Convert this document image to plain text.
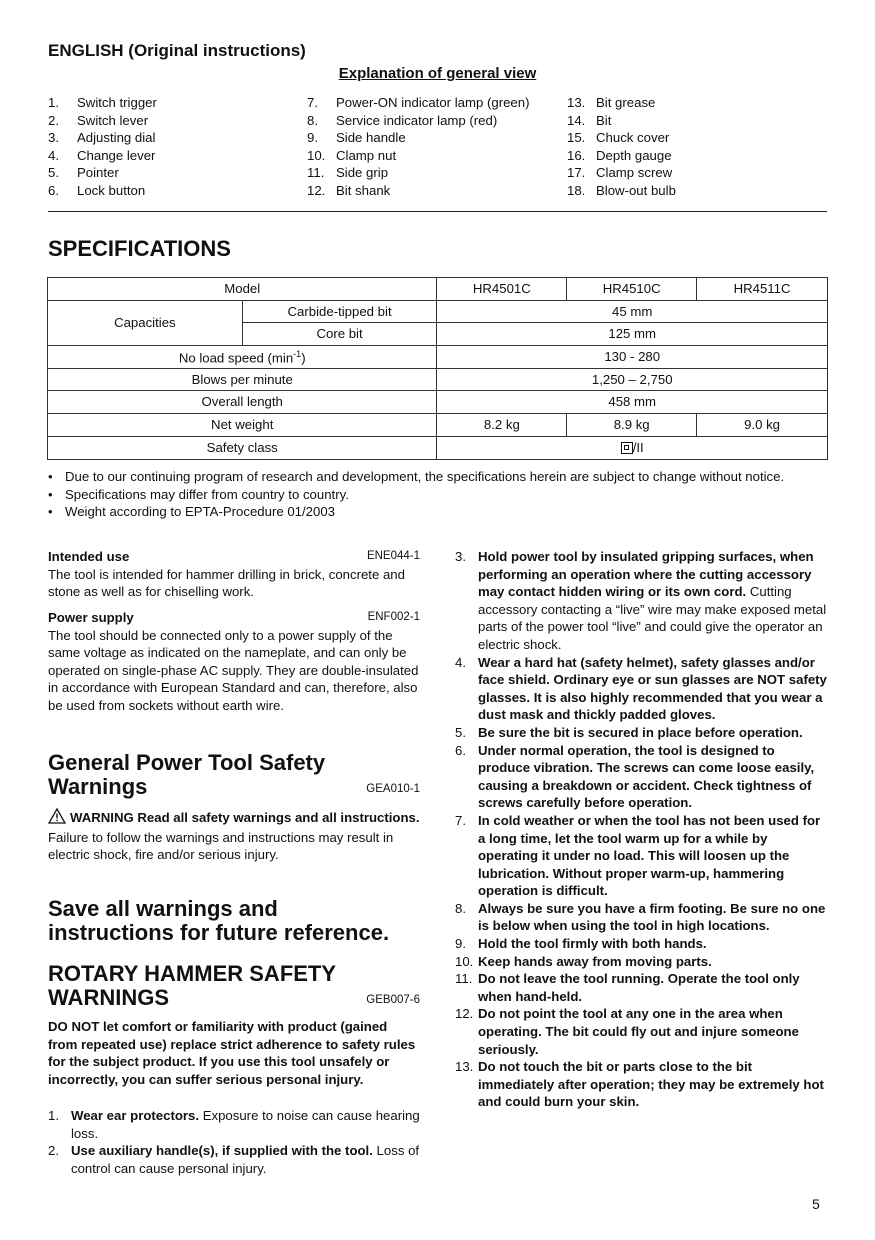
ENGLISH (Original instructions)
Explanation of general view
1.	Switch trigger
2.	Switch lever
3.	Adjusting dial
4.	Change lever
5.	Pointer
6.	Lock button
7.	Power-ON indicator lamp (green)
8.	Service indicator lamp (red)
9.	Side handle
10. Clamp nut
11. Side grip
12. Bit shank
13. Bit grease
14. Bit
15. Chuck cover
16. Depth gauge
17. Clamp screw
18. Blow-out bulb
SPECIFICATIONS
Model		HR4501C	HR4510C	HR4511C
Capacities	Carbide-tipped bit	45 mm		
	Core bit	125 mm		
No load speed $(\min^{-1})$		130 - 280		
Blows per minute		1,250 – 2,750		
Overall length		458 mm		
Net weight		8.2 kg	8.9 kg	9.0 kg
Safety class		/II		
• Due to our continuing program of research and development, the specifications herein are subject to change without notice.
• Specifications may differ from country to country.
• Weight according to EPTA-Procedure 01/2003
Intended use	ENE044-1
The tool is intended for hammer drilling in brick, concrete and stone as well as for chiselling work.
Power supply	ENF002-1
The tool should be connected only to a power supply of the same voltage as indicated on the nameplate, and can only be operated on single-phase AC supply. They are double-insulated in accordance with European Standard and can, therefore, also be used from sockets without earth wire.
General Power Tool Safety
Warnings	GEA010-1
WARNING Read all safety warnings and all instructions. Failure to follow the warnings and instructions may result in electric shock, fire and/or serious injury.
Save all warnings and
instructions for future reference.
ROTARY HAMMER SAFETY
WARNINGS	GEB007-6
DO NOT let comfort or familiarity with product (gained from repeated use) replace strict adherence to safety rules for the subject product. If you use this tool unsafely or incorrectly, you can suffer serious personal injury.
1. Wear ear protectors. Exposure to noise can cause hearing loss.
2. Use auxiliary handle(s), if supplied with the tool. Loss of control can cause personal injury.
3. Hold power tool by insulated gripping surfaces, when performing an operation where the cutting accessory may contact hidden wiring or its own cord. Cutting accessory contacting a “live” wire may make exposed metal parts of the power tool “live” and could give the operator an electric shock.
4. Wear a hard hat (safety helmet), safety glasses and/or face shield. Ordinary eye or sun glasses are NOT safety glasses. It is also highly recommended that you wear a dust mask and thickly padded gloves.
5. Be sure the bit is secured in place before operation.
6. Under normal operation, the tool is designed to produce vibration. The screws can come loose easily, causing a breakdown or accident. Check tightness of screws carefully before operation.
7. In cold weather or when the tool has not been used for a long time, let the tool warm up for a while by operating it under no load. This will loosen up the lubrication. Without proper warm-up, hammering operation is difficult.
8. Always be sure you have a firm footing. Be sure no one is below when using the tool in high locations.
9. Hold the tool firmly with both hands.
10. Keep hands away from moving parts.
11. Do not leave the tool running. Operate the tool only when hand-held.
12. Do not point the tool at any one in the area when operating. The bit could fly out and injure someone seriously.
13. Do not touch the bit or parts close to the bit immediately after operation; they may be extremely hot and could burn your skin.
5
